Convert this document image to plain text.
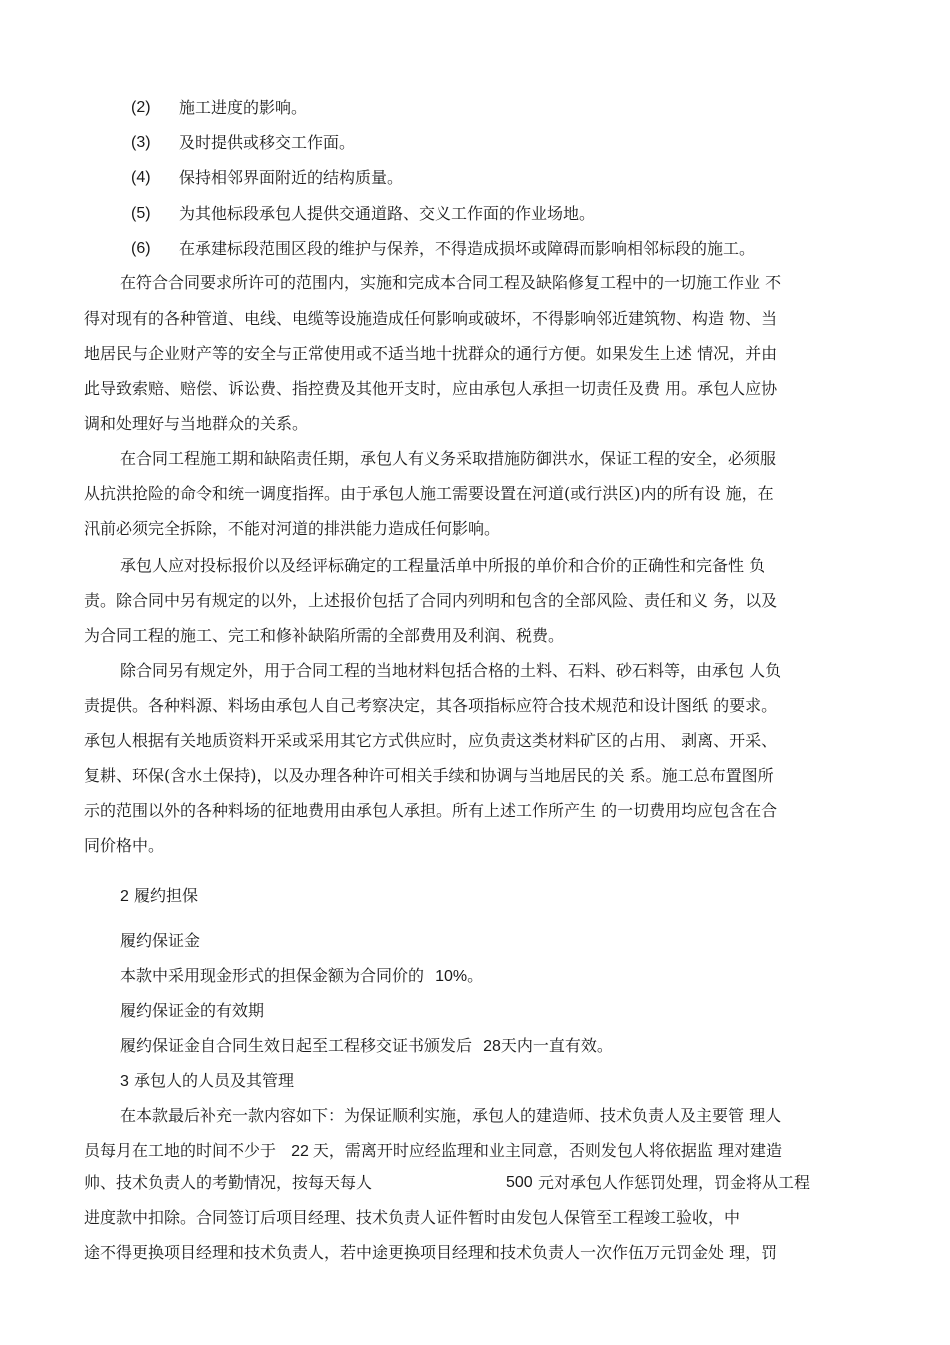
(2) 施工进度的影响。
(3) 及时提供或移交工作面。
(4) 保持相邻界面附近的结构质量。
(5) 为其他标段承包人提供交通道路、交义工作面的作业场地。
(6) 在承建标段范围区段的维护与保养，不得造成损坏或障碍而影响相邻标段的施工。
在符合合同要求所许可的范围内，实施和完成本合同工程及缺陷修复工程中的一切施工作业 不
得对现有的各种管道、电线、电缆等设施造成任何影响或破坏，不得影响邻近建筑物、构造 物、当
地居民与企业财产等的安全与正常使用或不适当地十扰群众的通行方便。如果发生上述 情况，并由
此导致索赔、赔偿、诉讼费、指控费及其他开支时，应由承包人承担一切责任及费 用。承包人应协
调和处理好与当地群众的关系。
在合同工程施工期和缺陷责任期，承包人有义务采取措施防御洪水，保证工程的安全，必须服
从抗洪抢险的命令和统一调度指挥。由于承包人施工需要设置在河道(或行洪区)内的所有设 施，在
汛前必须完全拆除，不能对河道的排洪能力造成任何影响。
承包人应对投标报价以及经评标确定的工程量活单中所报的单价和合价的正确性和完备性 负
责。除合同中另有规定的以外，上述报价包括了合同内列明和包含的全部风险、责任和义 务，以及
为合同工程的施工、完工和修补缺陷所需的全部费用及利润、税费。
除合同另有规定外，用于合同工程的当地材料包括合格的土料、石料、砂石料等，由承包 人负
责提供。各种料源、料场由承包人自己考察决定，其各项指标应符合技术规范和设计图纸 的要求。
承包人根据有关地质资料开采或采用其它方式供应时，应负责这类材料矿区的占用、 剥离、开采、
复耕、环保(含水土保持)，以及办理各种许可相关手续和协调与当地居民的关 系。施工总布置图所
示的范围以外的各种料场的征地费用由承包人承担。所有上述工作所产生 的一切费用均应包含在合
同价格中。
2 履约担保
履约保证金
本款中采用现金形式的担保金额为合同价的 10%。
履约保证金的有效期
履约保证金自合同生效日起至工程移交证书颁发后 28天内一直有效。
3 承包人的人员及其管理
在本款最后补充一款内容如下：为保证顺利实施，承包人的建造师、技术负责人及主要管 理人
员每月在工地的时间不少于 22 天，需离开时应经监理和业主同意，否则发包人将依据监 理对建造
帅、技术负责人的考勤情况，按每天每人	500 元对承包人作惩罚处理，罚金将从工程
进度款中扣除。合同签订后项目经理、技术负责人证件暂时由发包人保管至工程竣工验收，中
途不得更换项目经理和技术负责人，若中途更换项目经理和技术负责人一次作伍万元罚金处 理，罚
